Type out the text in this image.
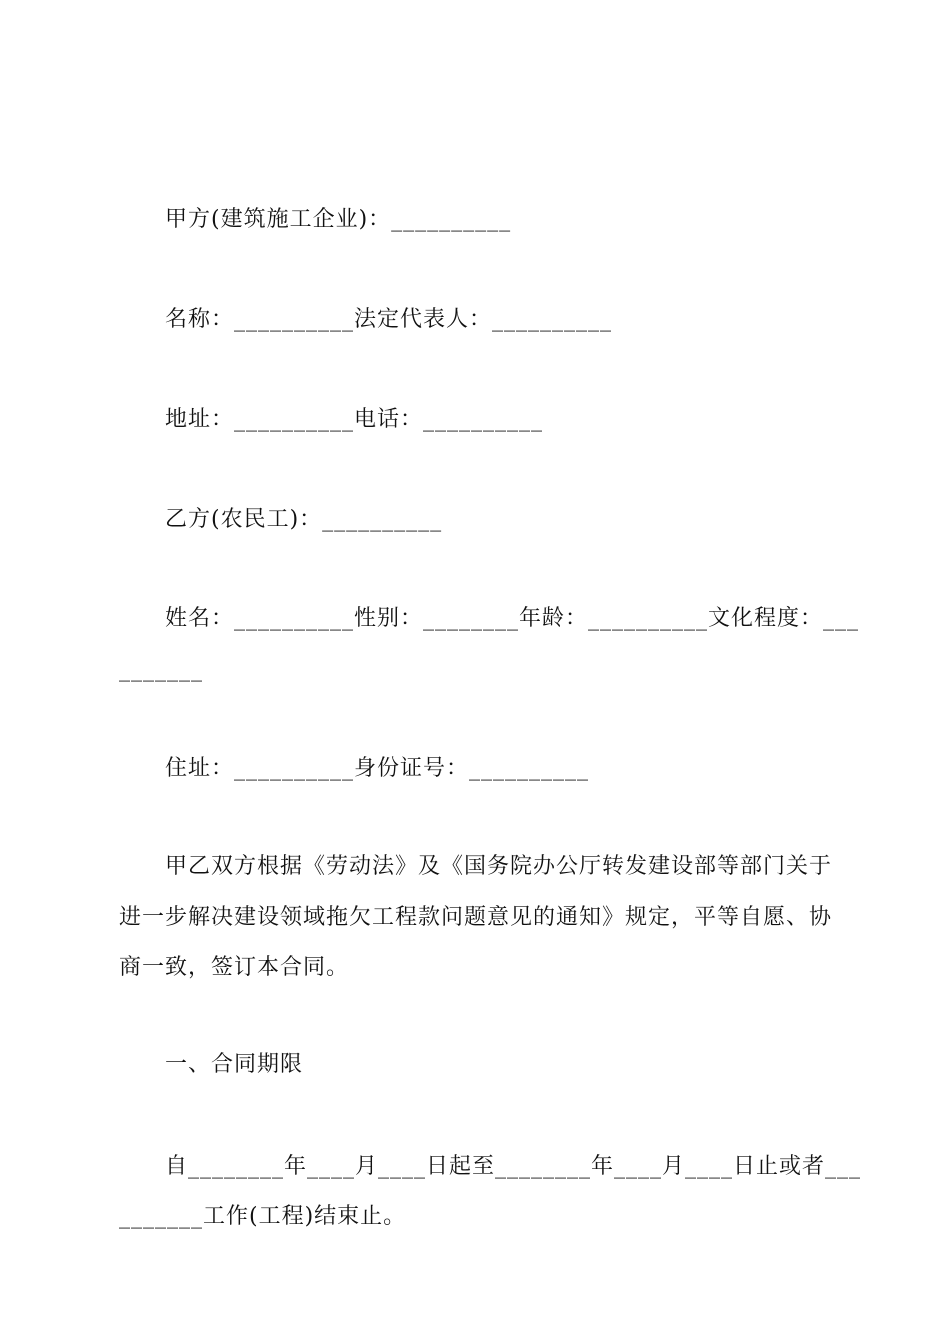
甲方(建筑施工企业)：__________
名称：__________法定代表人：__________
地址：__________电话：__________
乙方(农民工)：__________
姓名：__________性别：________年龄：__________文化程度：___
_______
住址：__________身份证号：__________
甲乙双方根据《劳动法》及《国务院办公厅转发建设部等部门关于
进一步解决建设领域拖欠工程款问题意见的通知》规定，平等自愿、协
商一致，签订本合同。
一、合同期限
自________年____月____日起至________年____月____日止或者___
_______工作(工程)结束止。
